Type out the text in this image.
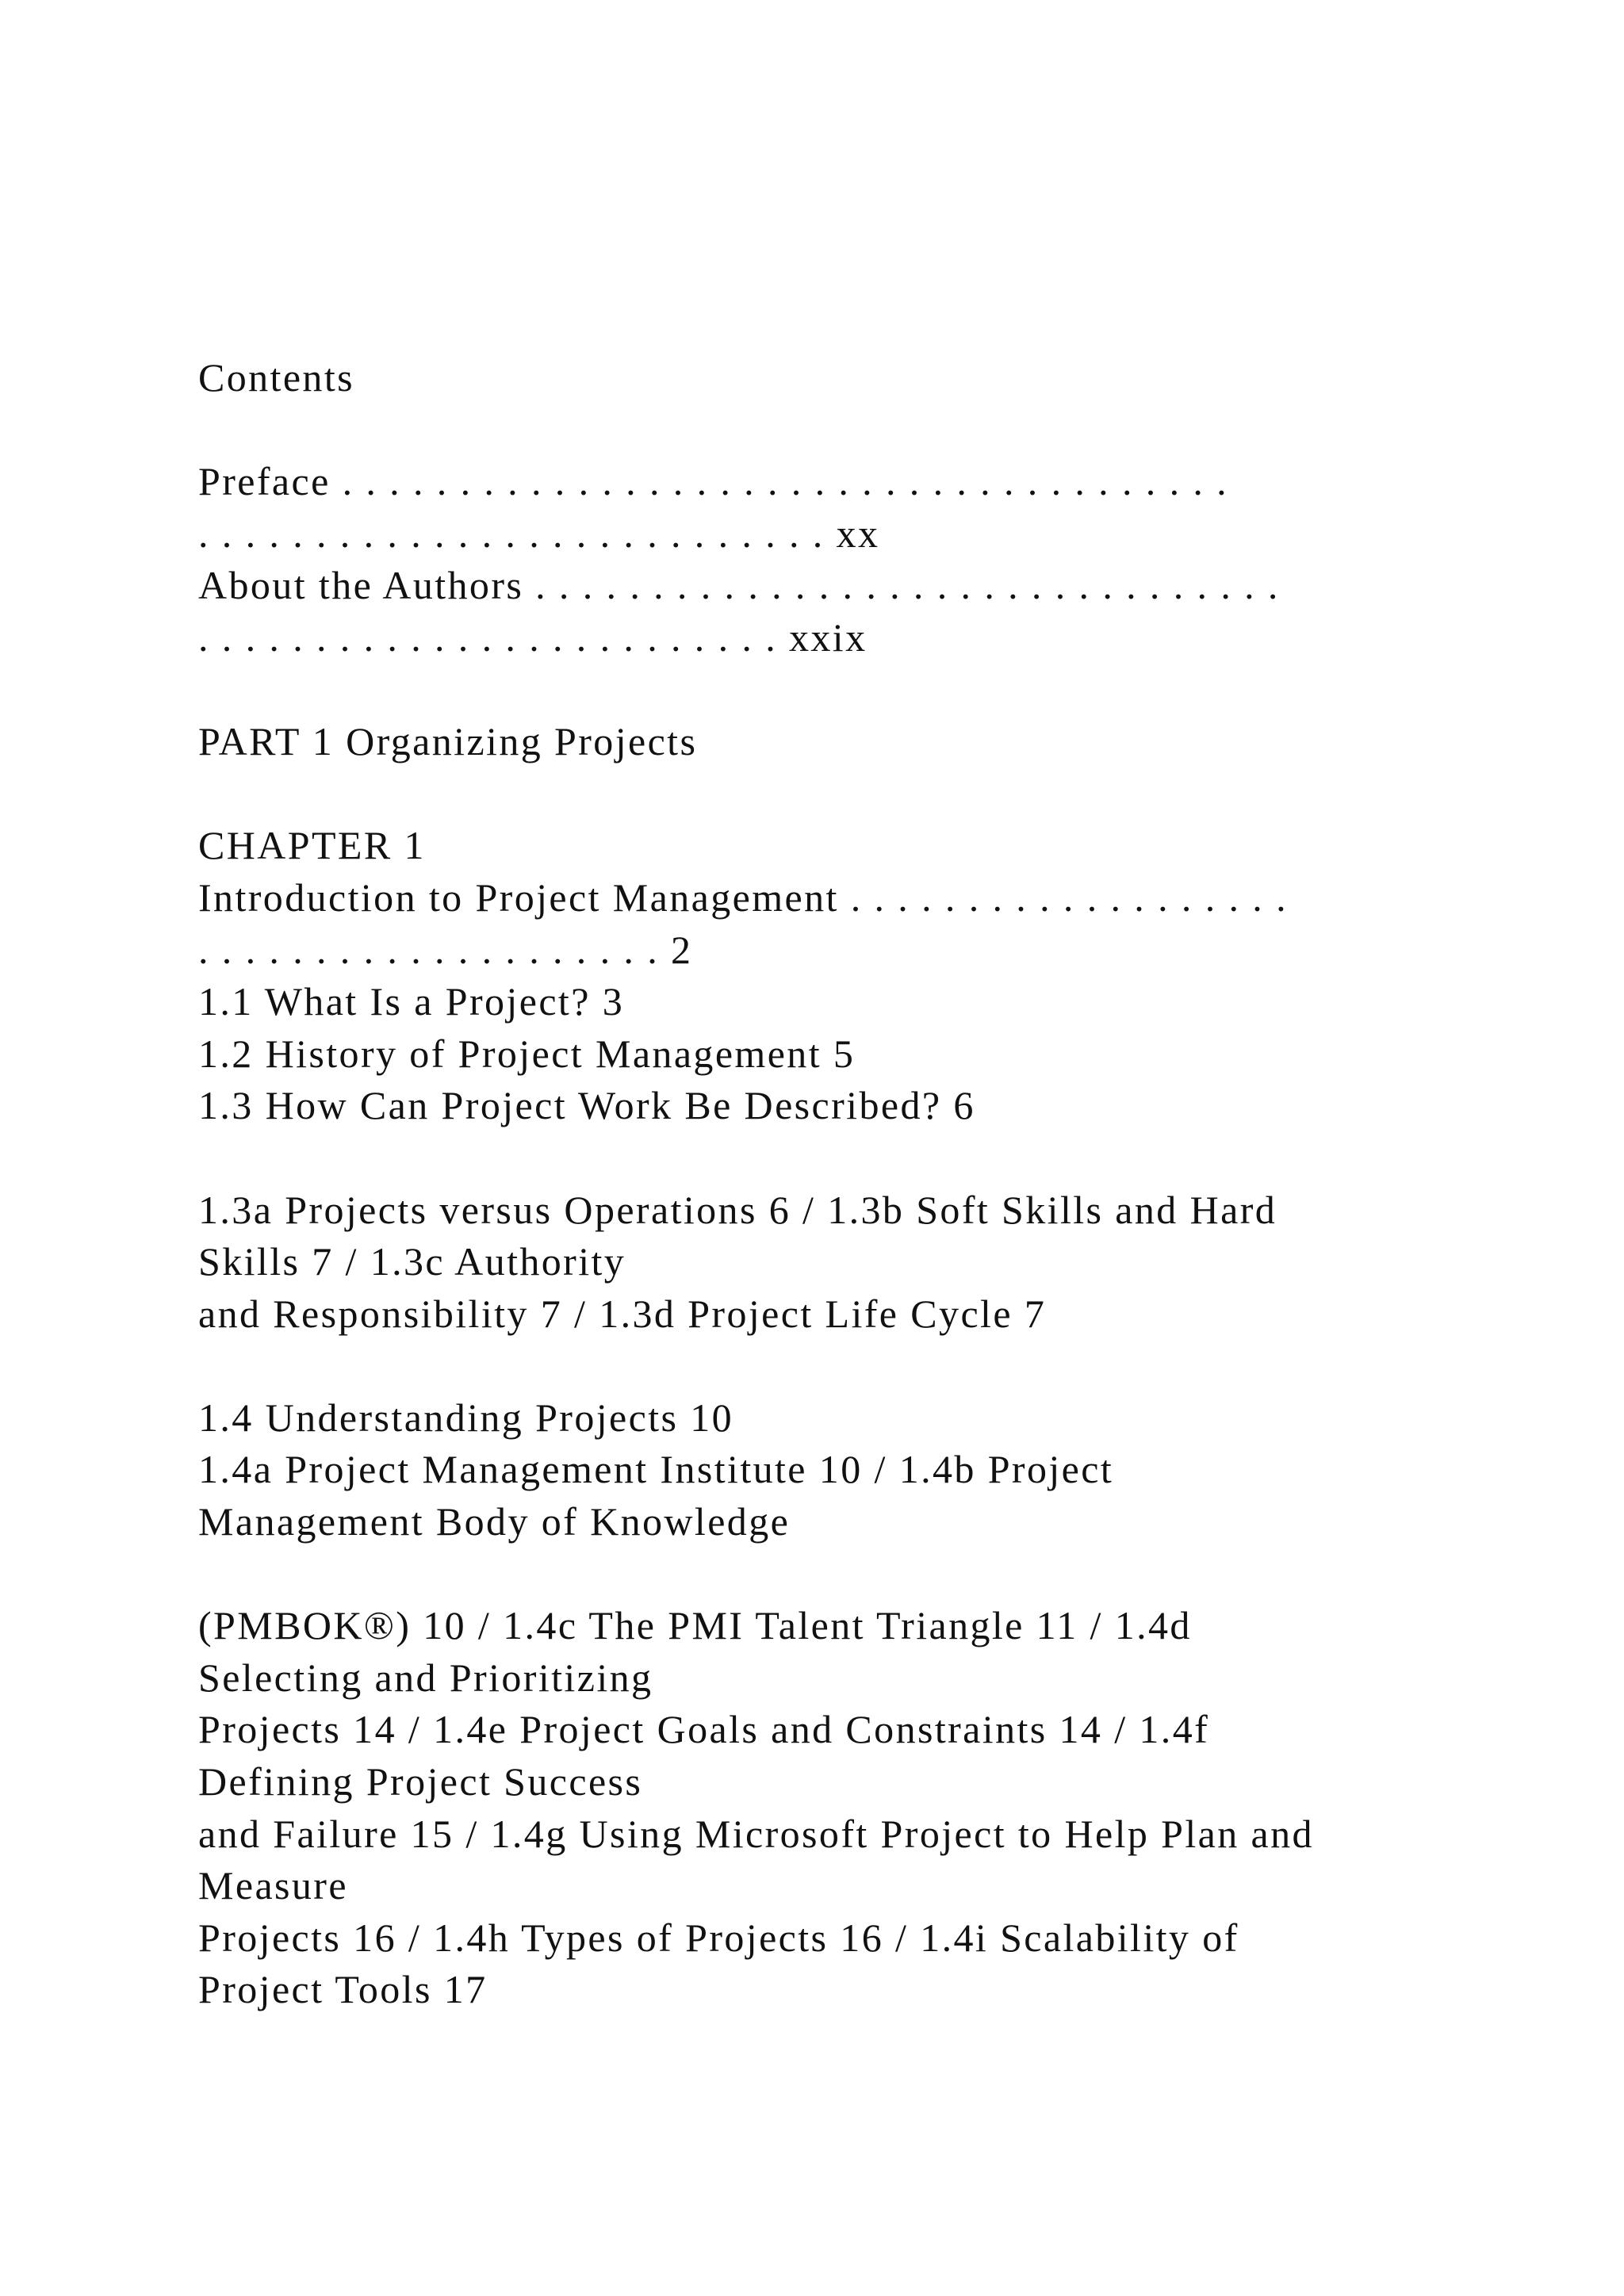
Contents
Preface . . . . . . . . . . . . . . . . . . . . . . . . . . . . . . . . . . . . . .
. . . . . . . . . . . . . . . . . . . . . . . . . . . xx
About the Authors . . . . . . . . . . . . . . . . . . . . . . . . . . . . . . . .
. . . . . . . . . . . . . . . . . . . . . . . . . xxix
PART 1 Organizing Projects
CHAPTER 1
Introduction to Project Management . . . . . . . . . . . . . . . . . . .
. . . . . . . . . . . . . . . . . . . . 2
1.1 What Is a Project? 3
1.2 History of Project Management 5
1.3 How Can Project Work Be Described? 6
1.3a Projects versus Operations 6 / 1.3b Soft Skills and Hard
Skills 7 / 1.3c Authority
and Responsibility 7 / 1.3d Project Life Cycle 7
1.4 Understanding Projects 10
1.4a Project Management Institute 10 / 1.4b Project
Management Body of Knowledge
(PMBOK®) 10 / 1.4c The PMI Talent Triangle 11 / 1.4d
Selecting and Prioritizing
Projects 14 / 1.4e Project Goals and Constraints 14 / 1.4f
Defining Project Success
and Failure 15 / 1.4g Using Microsoft Project to Help Plan and
Measure
Projects 16 / 1.4h Types of Projects 16 / 1.4i Scalability of
Project Tools 17
